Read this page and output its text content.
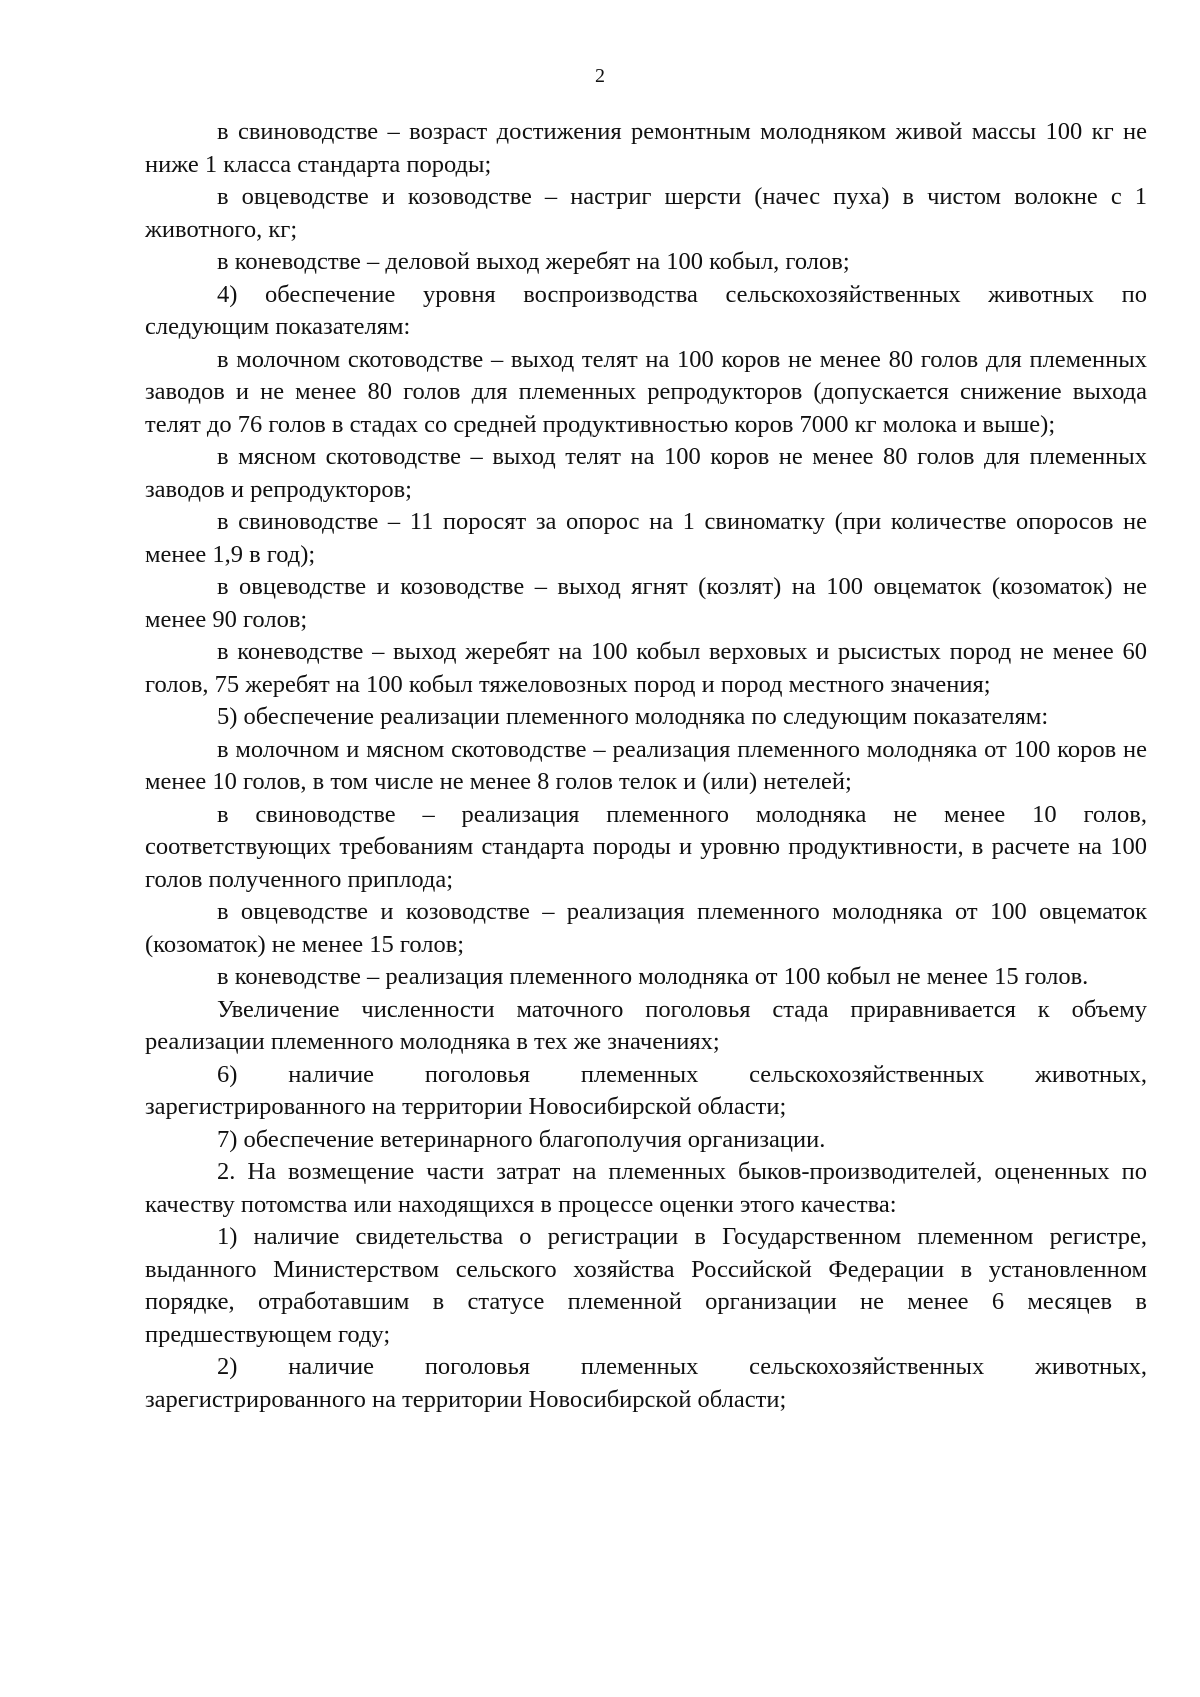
2

в свиноводстве – возраст достижения ремонтным молодняком живой массы 100 кг не ниже 1 класса стандарта породы;

в овцеводстве и козоводстве – настриг шерсти (начес пуха) в чистом волокне с 1 животного, кг;

в коневодстве – деловой выход жеребят на 100 кобыл, голов;

4) обеспечение уровня воспроизводства сельскохозяйственных животных по следующим показателям:

в молочном скотоводстве – выход телят на 100 коров не менее 80 голов для племенных заводов и не менее 80 голов для племенных репродукторов (допускается снижение выхода телят до 76 голов в стадах со средней продуктивностью коров 7000 кг молока и выше);

в мясном скотоводстве – выход телят на 100 коров не менее 80 голов для племенных заводов и репродукторов;

в свиноводстве – 11 поросят за опорос на 1 свиноматку (при количестве опоросов не менее 1,9 в год);

в овцеводстве и козоводстве – выход ягнят (козлят) на 100 овцематок (козоматок) не менее 90 голов;

в коневодстве – выход жеребят на 100 кобыл верховых и рысистых пород не менее 60 голов, 75 жеребят на 100 кобыл тяжеловозных пород и пород местного значения;

5) обеспечение реализации племенного молодняка по следующим показателям:

в молочном и мясном скотоводстве – реализация племенного молодняка от 100 коров не менее 10 голов, в том числе не менее 8 голов телок и (или) нетелей;

в свиноводстве – реализация племенного молодняка не менее 10 голов, соответствующих требованиям стандарта породы и уровню продуктивности, в расчете на 100 голов полученного приплода;

в овцеводстве и козоводстве – реализация племенного молодняка от 100 овцематок (козоматок) не менее 15 голов;

в коневодстве – реализация племенного молодняка от 100 кобыл не менее 15 голов.

Увеличение численности маточного поголовья стада приравнивается к объему реализации племенного молодняка в тех же значениях;

6) наличие поголовья племенных сельскохозяйственных животных, зарегистрированного на территории Новосибирской области;

7) обеспечение ветеринарного благополучия организации.

2. На возмещение части затрат на племенных быков-производителей, оцененных по качеству потомства или находящихся в процессе оценки этого качества:

1) наличие свидетельства о регистрации в Государственном племенном регистре, выданного Министерством сельского хозяйства Российской Федерации в установленном порядке, отработавшим в статусе племенной организации не менее 6 месяцев в предшествующем году;

2) наличие поголовья племенных сельскохозяйственных животных, зарегистрированного на территории Новосибирской области;
